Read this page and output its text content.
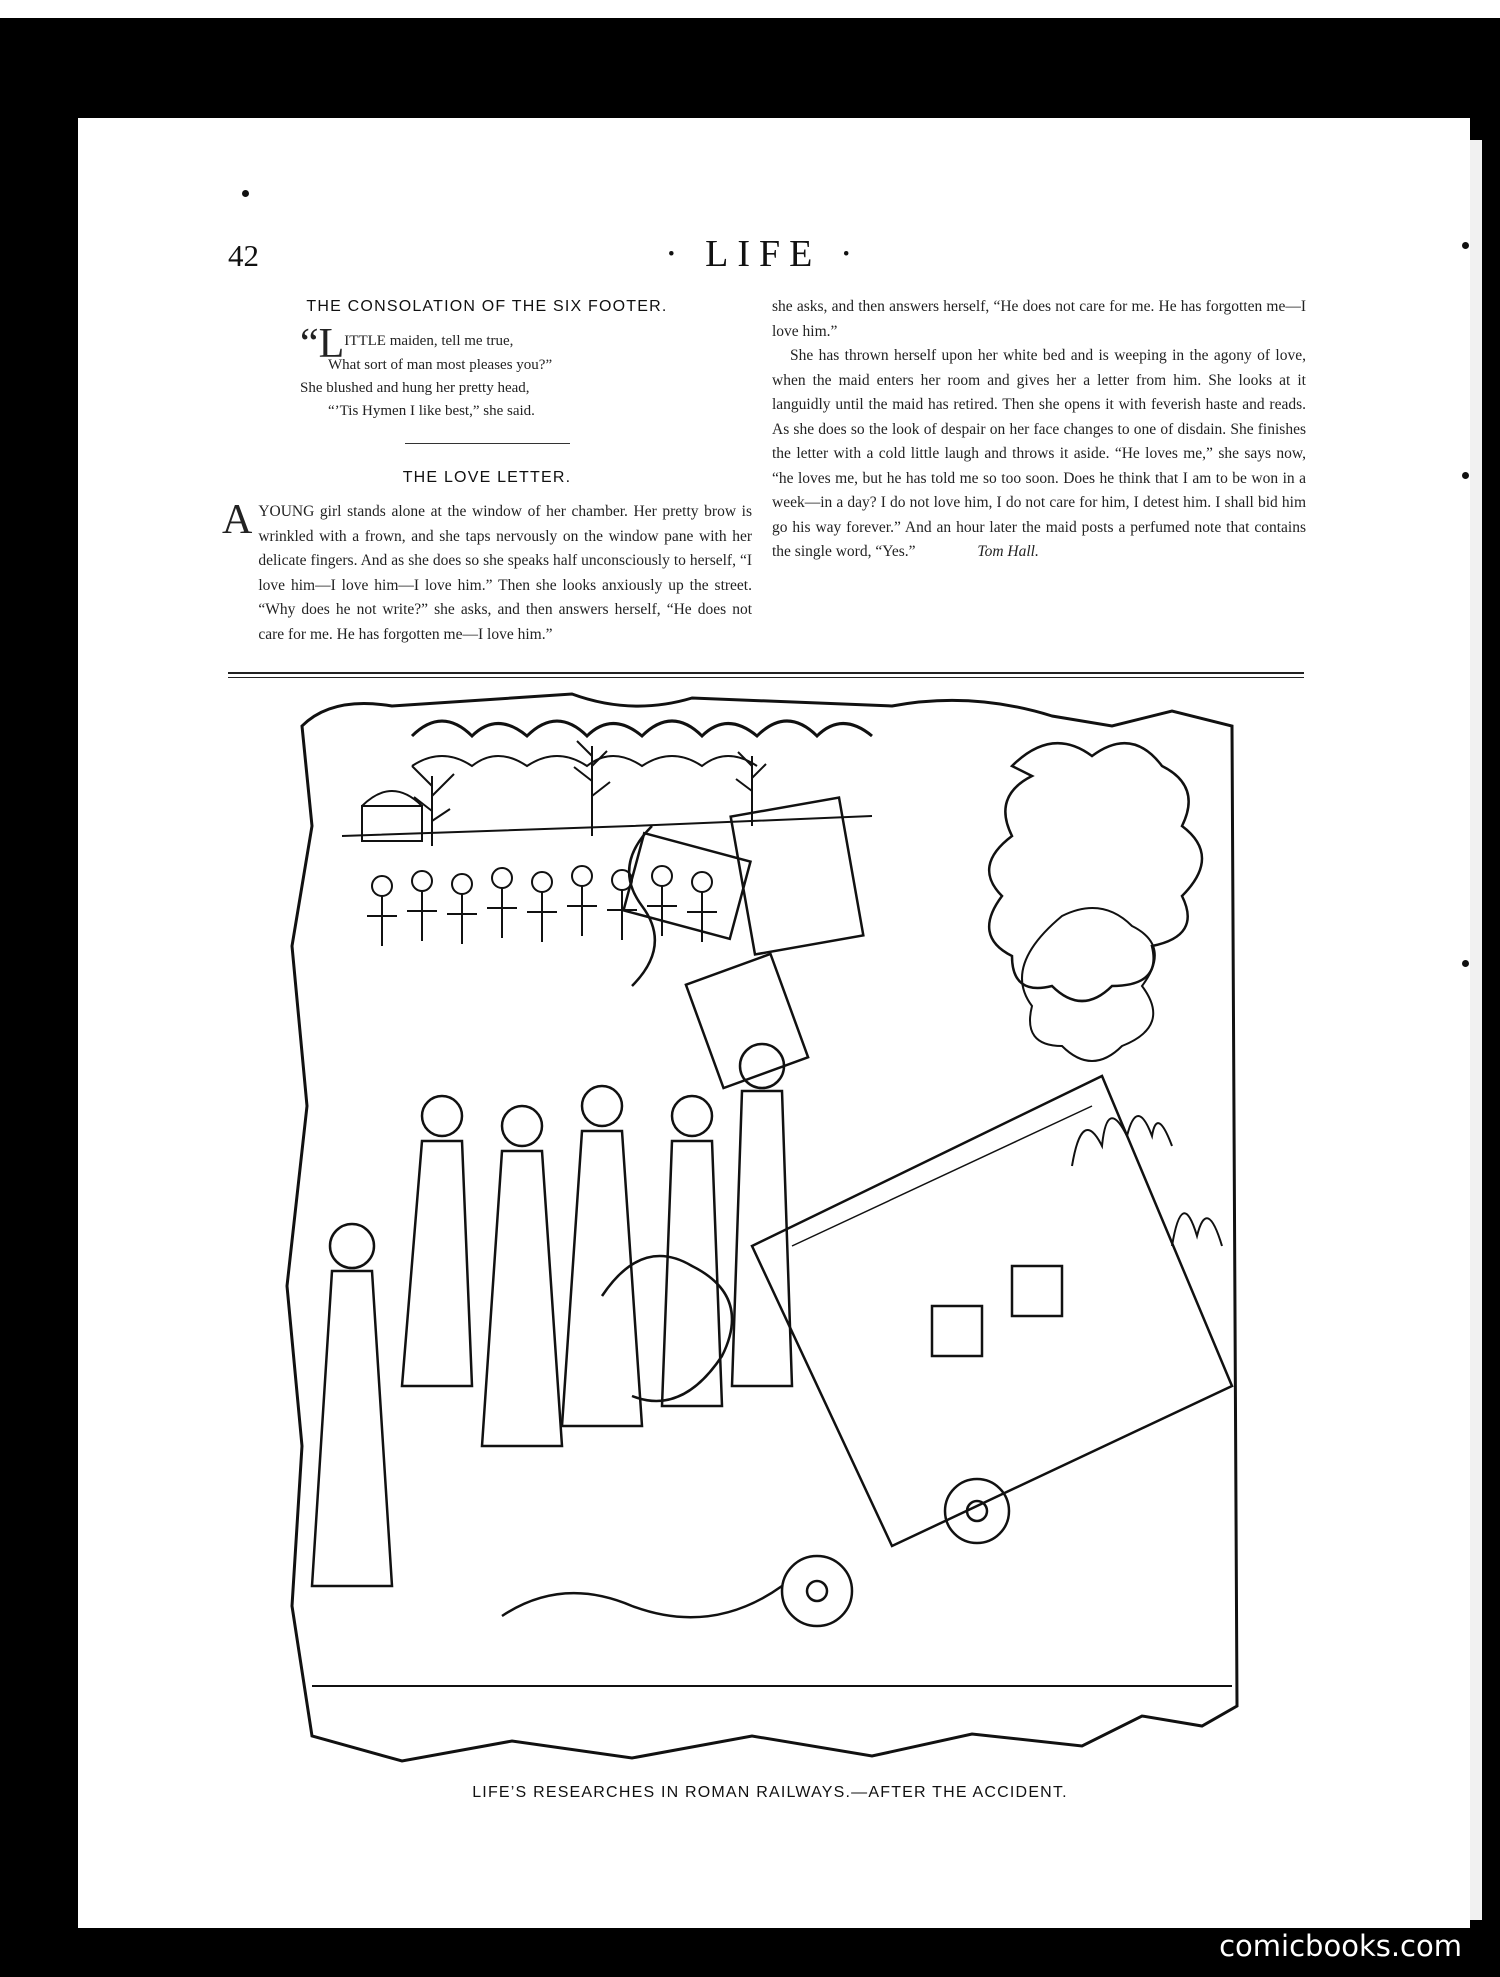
42	· LIFE ·
THE CONSOLATION OF THE SIX FOOTER.
“LITTLE maiden, tell me true,
What sort of man most pleases you?”
She blushed and hung her pretty head,
“’Tis Hymen I like best,” she said.
THE LOVE LETTER.
A YOUNG girl stands alone at the window of her chamber. Her pretty brow is wrinkled with a frown, and she taps nervously on the window pane with her delicate fingers. And as she does so she speaks half unconsciously to herself, “I love him—I love him—I love him.” Then she looks anxiously up the street. “Why does he not write?” she asks, and then answers herself, “He does not care for me. He has forgotten me—I love him.”

she asks, and then answers herself, “He does not care for me. He has forgotten me—I love him.”

She has thrown herself upon her white bed and is weeping in the agony of love, when the maid enters her room and gives her a letter from him. She looks at it languidly until the maid has retired. Then she opens it with feverish haste and reads. As she does so the look of despair on her face changes to one of disdain. She finishes the letter with a cold little laugh and throws it aside. “He loves me,” she says now, “he loves me, but he has told me so too soon. Does he think that I am to be won in a week—in a day? I do not love him, I do not care for him, I detest him. I shall bid him go his way forever.” And an hour later the maid posts a perfumed note that contains the single word, “Yes.”	Tom Hall.

LIFE’S RESEARCHES IN ROMAN RAILWAYS.—AFTER THE ACCIDENT.
comicbooks.com
